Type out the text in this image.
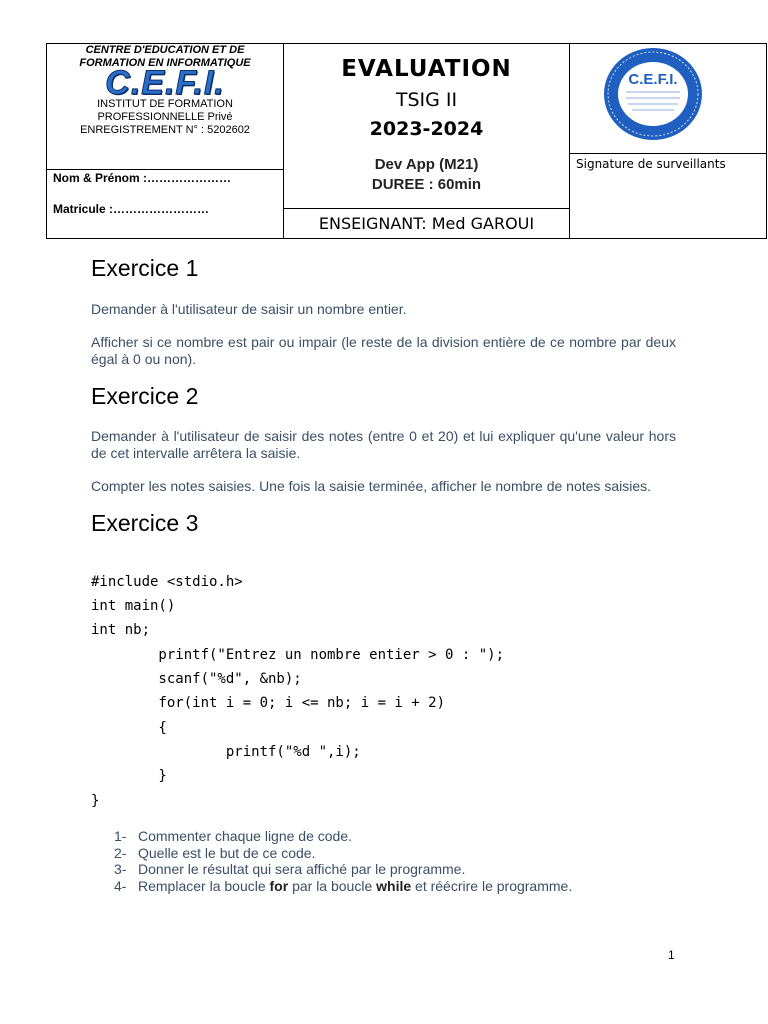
CENTRE D'EDUCATION ET DE
FORMATION EN INFORMATIQUE
C.E.F.I.
INSTITUT DE FORMATION
PROFESSIONNELLE Privé
ENREGISTREMENT N° : 5202602
Nom & Prénom :…………………
Matricule :……………………
EVALUATION
TSIG II
2023-2024
Dev App (M21)
DUREE : 60min
ENSEIGNANT: Med GAROUI
C.E.F.I.
Signature de surveillants
Exercice 1

Demander à l'utilisateur de saisir un nombre entier.

Afficher si ce nombre est pair ou impair (le reste de la division entière de ce nombre par deux égal à 0 ou non).

Exercice 2

Demander à l'utilisateur de saisir des notes (entre 0 et 20) et lui expliquer qu'une valeur hors de cet intervalle arrêtera la saisie.

Compter les notes saisies. Une fois la saisie terminée, afficher le nombre de notes saisies.

Exercice 3
#include <stdio.h>
int main()
int nb;
printf("Entrez un nombre entier > 0 : ");
scanf("%d", &nb);
for(int i = 0; i <= nb; i = i + 2)
{
printf("%d ",i);
}
}
1- Commenter chaque ligne de code.
2- Quelle est le but de ce code.
3- Donner le résultat qui sera affiché par le programme.
4- Remplacer la boucle for par la boucle while et réécrire le programme.
1
